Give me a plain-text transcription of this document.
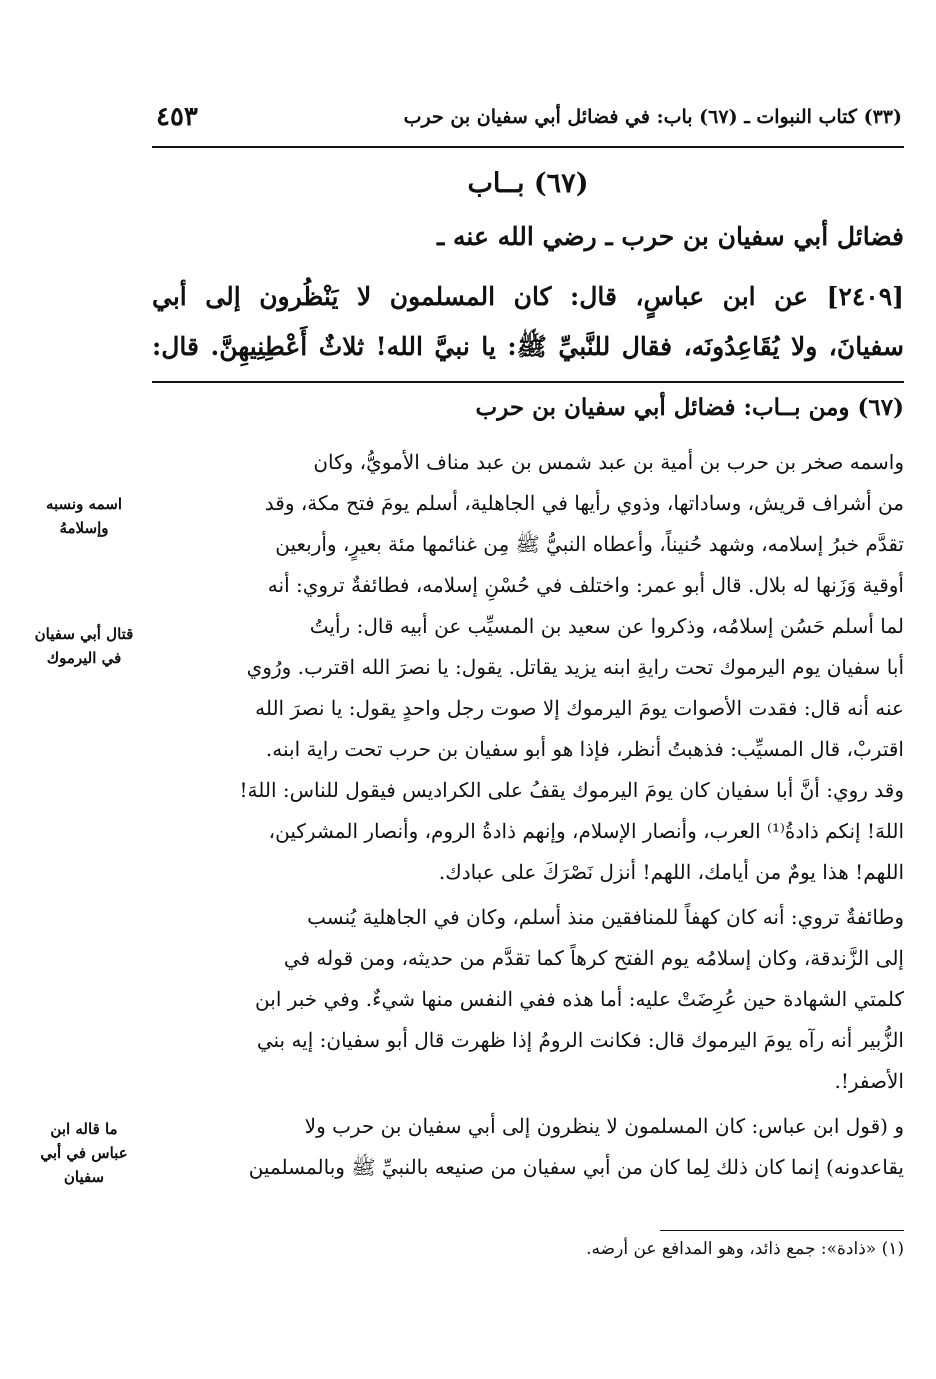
(٣٣) كتاب النبوات ـ (٦٧) باب: في فضائل أبي سفيان بن حرب
٤٥٣
(٦٧) بــاب
فضائل أبي سفيان بن حرب ـ رضي الله عنه ـ
[٢٤٠٩] عن ابن عباسٍ، قال: كان المسلمون لا يَنْظُرون إلى أبي
سفيانَ، ولا يُقَاعِدُونَه، فقال للنَّبيِّ ﷺ: يا نبيَّ الله! ثلاثٌ أَعْطِنِيهِنَّ. قال:
(٦٧) ومن بــاب: فضائل أبي سفيان بن حرب
واسمه صخر بن حرب بن أمية بن عبد شمس بن عبد مناف الأمويُّ، وكان
من أشراف قريش، وساداتها، وذوي رأيها في الجاهلية، أسلم يومَ فتح مكة، وقد
تقدَّم خبرُ إسلامه، وشهد حُنيناً، وأعطاه النبيُّ ﷺ مِن غنائمها مئة بعيرٍ، وأربعين
أوقية وَزَنها له بلال. قال أبو عمر: واختلف في حُسْنِ إسلامه، فطائفةٌ تروي: أنه
لما أسلم حَسُن إسلامُه، وذكروا عن سعيد بن المسيِّب عن أبيه قال: رأيتُ
أبا سفيان يوم اليرموك تحت رايةِ ابنه يزيد يقاتل. يقول: يا نصرَ الله اقترب. ورُوي
عنه أنه قال: فقدت الأصوات يومَ اليرموك إلا صوت رجل واحدٍ يقول: يا نصرَ الله
اقتربْ، قال المسيِّب: فذهبتُ أنظر، فإذا هو أبو سفيان بن حرب تحت راية ابنه.
وقد روي: أنَّ أبا سفيان كان يومَ اليرموك يقفُ على الكراديس فيقول للناس: اللهَ!
اللهَ! إنكم ذادةُ⁽¹⁾ العرب، وأنصار الإسلام، وإنهم ذادةُ الروم، وأنصار المشركين،
اللهم! هذا يومٌ من أيامك، اللهم! أنزل نَصْرَكَ على عبادك.
وطائفةٌ تروي: أنه كان كهفاً للمنافقين منذ أسلم، وكان في الجاهلية يُنسب
إلى الزَّندقة، وكان إسلامُه يوم الفتح كرهاً كما تقدَّم من حديثه، ومن قوله في
كلمتي الشهادة حين عُرِضَتْ عليه: أما هذه ففي النفس منها شيءٌ. وفي خبر ابن
الزُّبير أنه رآه يومَ اليرموك قال: فكانت الرومُ إذا ظهرت قال أبو سفيان: إيه بني
الأصفر!.
و (قول ابن عباس: كان المسلمون لا ينظرون إلى أبي سفيان بن حرب ولا
يقاعدونه) إنما كان ذلك لِما كان من أبي سفيان من صنيعه بالنبيِّ ﷺ وبالمسلمين
اسمه ونسبه
وإسلامهُ
قتال أبي سفيان
في اليرموك
ما قاله ابن
عباس في أبي
سفيان
(١) «ذادة»: جمع ذائد، وهو المدافع عن أرضه.
